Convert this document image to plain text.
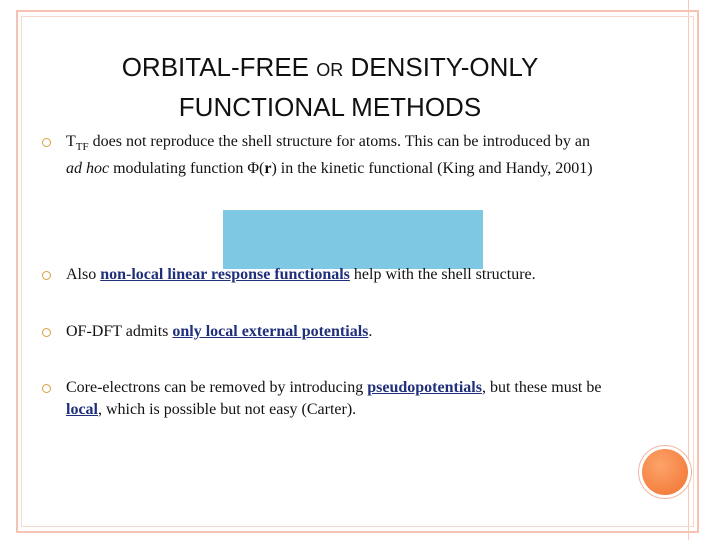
ORBITAL-FREE OR DENSITY-ONLY
FUNCTIONAL METHODS
$T_{TF}$ does not reproduce the shell structure for atoms. This can be introduced by an
ad hoc modulating function Φ(r) in the kinetic functional (King and Handy, 2001)
Also non-local linear response functionals help with the shell structure.
OF-DFT admits only local external potentials.
Core-electrons can be removed by introducing pseudopotentials, but these must be
local, which is possible but not easy (Carter).
